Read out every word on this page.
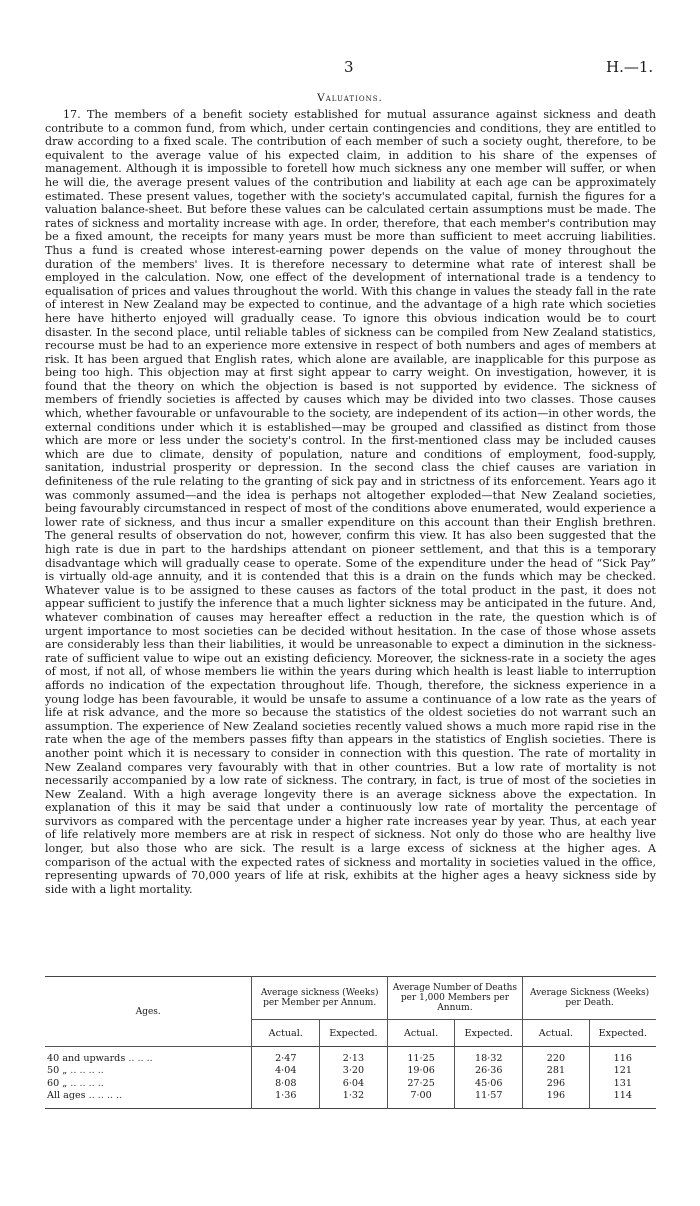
3	H.—1.
Valuations.

17. The members of a benefit society established for mutual assurance against sickness and death contribute to a common fund, from which, under certain contingencies and conditions, they are entitled to draw according to a fixed scale. The contribution of each member of such a society ought, therefore, to be equivalent to the average value of his expected claim, in addition to his share of the expenses of management. Although it is impossible to foretell how much sickness any one member will suffer, or when he will die, the average present values of the contribution and liability at each age can be approximately estimated. These present values, together with the society's accumulated capital, furnish the figures for a valuation balance-sheet. But before these values can be calculated certain assumptions must be made. The rates of sickness and mortality increase with age. In order, therefore, that each member's contribution may be a fixed amount, the receipts for many years must be more than sufficient to meet accruing liabilities. Thus a fund is created whose interest-earning power depends on the value of money throughout the duration of the members' lives. It is therefore necessary to determine what rate of interest shall be employed in the calculation. Now, one effect of the development of international trade is a tendency to equalisation of prices and values throughout the world. With this change in values the steady fall in the rate of interest in New Zealand may be expected to continue, and the advantage of a high rate which societies here have hitherto enjoyed will gradually cease. To ignore this obvious indication would be to court disaster. In the second place, until reliable tables of sickness can be compiled from New Zealand statistics, recourse must be had to an experience more extensive in respect of both numbers and ages of members at risk. It has been argued that English rates, which alone are available, are inapplicable for this purpose as being too high. This objection may at first sight appear to carry weight. On investigation, however, it is found that the theory on which the objection is based is not supported by evidence. The sickness of members of friendly societies is affected by causes which may be divided into two classes. Those causes which, whether favourable or unfavourable to the society, are independent of its action—in other words, the external conditions under which it is established—may be grouped and classified as distinct from those which are more or less under the society's control. In the first-mentioned class may be included causes which are due to climate, density of population, nature and conditions of employment, food-supply, sanitation, industrial prosperity or depression. In the second class the chief causes are variation in definiteness of the rule relating to the granting of sick pay and in strictness of its enforcement. Years ago it was commonly assumed—and the idea is perhaps not altogether exploded—that New Zealand societies, being favourably circumstanced in respect of most of the conditions above enumerated, would experience a lower rate of sickness, and thus incur a smaller expenditure on this account than their English brethren. The general results of observation do not, however, confirm this view. It has also been suggested that the high rate is due in part to the hardships attendant on pioneer settlement, and that this is a temporary disadvantage which will gradually cease to operate. Some of the expenditure under the head of “Sick Pay” is virtually old-age annuity, and it is contended that this is a drain on the funds which may be checked. Whatever value is to be assigned to these causes as factors of the total product in the past, it does not appear sufficient to justify the inference that a much lighter sickness may be anticipated in the future. And, whatever combination of causes may hereafter effect a reduction in the rate, the question which is of urgent importance to most societies can be decided without hesitation. In the case of those whose assets are considerably less than their liabilities, it would be unreasonable to expect a diminution in the sickness-rate of sufficient value to wipe out an existing deficiency. Moreover, the sickness-rate in a society the ages of most, if not all, of whose members lie within the years during which health is least liable to interruption affords no indication of the expectation throughout life. Though, therefore, the sickness experience in a young lodge has been favourable, it would be unsafe to assume a continuance of a low rate as the years of life at risk advance, and the more so because the statistics of the oldest societies do not warrant such an assumption. The experience of New Zealand societies recently valued shows a much more rapid rise in the rate when the age of the members passes fifty than appears in the statistics of English societies. There is another point which it is necessary to consider in connection with this question. The rate of mortality in New Zealand compares very favourably with that in other countries. But a low rate of mortality is not necessarily accompanied by a low rate of sickness. The contrary, in fact, is true of most of the societies in New Zealand. With a high average longevity there is an average sickness above the expectation. In explanation of this it may be said that under a continuously low rate of mortality the percentage of survivors as compared with the percentage under a higher rate increases year by year. Thus, at each year of life relatively more members are at risk in respect of sickness. Not only do those who are healthy live longer, but also those who are sick. The result is a large excess of sickness at the higher ages. A comparison of the actual with the expected rates of sickness and mortality in societies valued in the office, representing upwards of 70,000 years of life at risk, exhibits at the higher ages a heavy sickness side by side with a light mortality.

Ages.	Average sickness (Weeks) per Member per Annum.		Average Number of Deaths per 1,000 Members per Annum.		Average Sickness (Weeks) per Death.	
	Actual.	Expected.	Actual.	Expected.	Actual.	Expected.
40 and upwards .. .. ..	2·47	2·13	11·25	18·32	220	116
50 „ .. .. .. ..	4·04	3·20	19·06	26·36	281	121
60 „ .. .. .. ..	8·08	6·04	27·25	45·06	296	131
All ages .. .. .. ..	1·36	1·32	7·00	11·57	196	114
